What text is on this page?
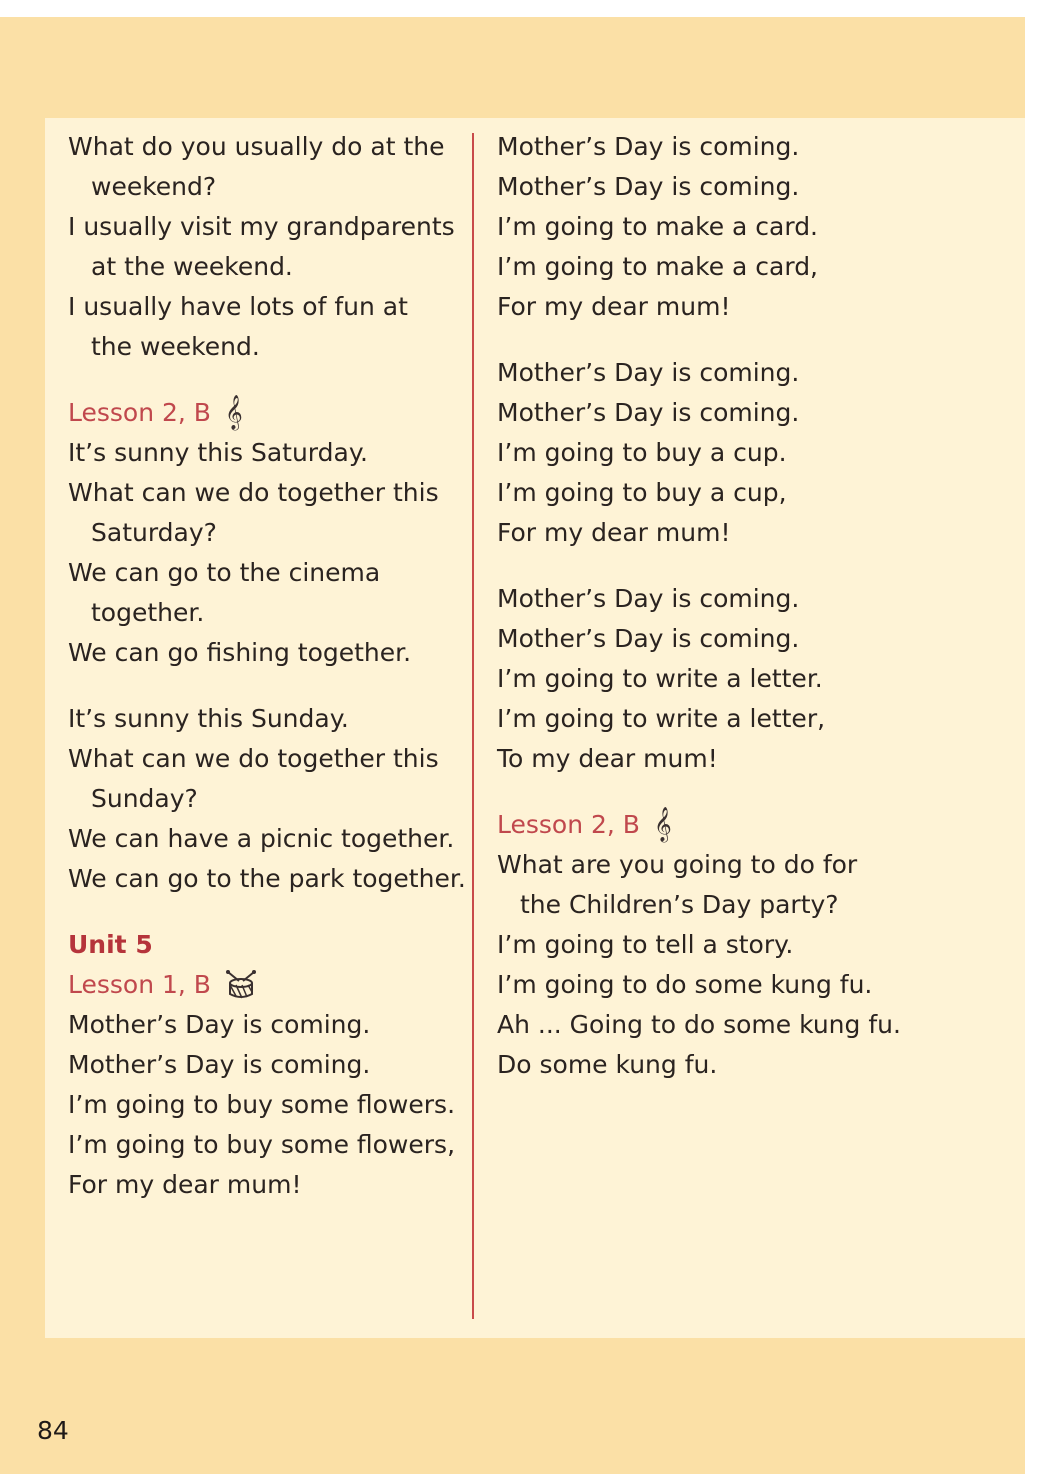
What do you usually do at the
weekend?
I usually visit my grandparents
at the weekend.
I usually have lots of fun at
the weekend.
Lesson 2, B 𝄞
It’s sunny this Saturday.
What can we do together this
Saturday?
We can go to the cinema
together.
We can go fishing together.
It’s sunny this Sunday.
What can we do together this
Sunday?
We can have a picnic together.
We can go to the park together.
Unit 5
Lesson 1, B
Mother’s Day is coming.
Mother’s Day is coming.
I’m going to buy some flowers.
I’m going to buy some flowers,
For my dear mum!
Mother’s Day is coming.
Mother’s Day is coming.
I’m going to make a card.
I’m going to make a card,
For my dear mum!
Mother’s Day is coming.
Mother’s Day is coming.
I’m going to buy a cup.
I’m going to buy a cup,
For my dear mum!
Mother’s Day is coming.
Mother’s Day is coming.
I’m going to write a letter.
I’m going to write a letter,
To my dear mum!
Lesson 2, B 𝄞
What are you going to do for
the Children’s Day party?
I’m going to tell a story.
I’m going to do some kung fu.
Ah ... Going to do some kung fu.
Do some kung fu.
84
